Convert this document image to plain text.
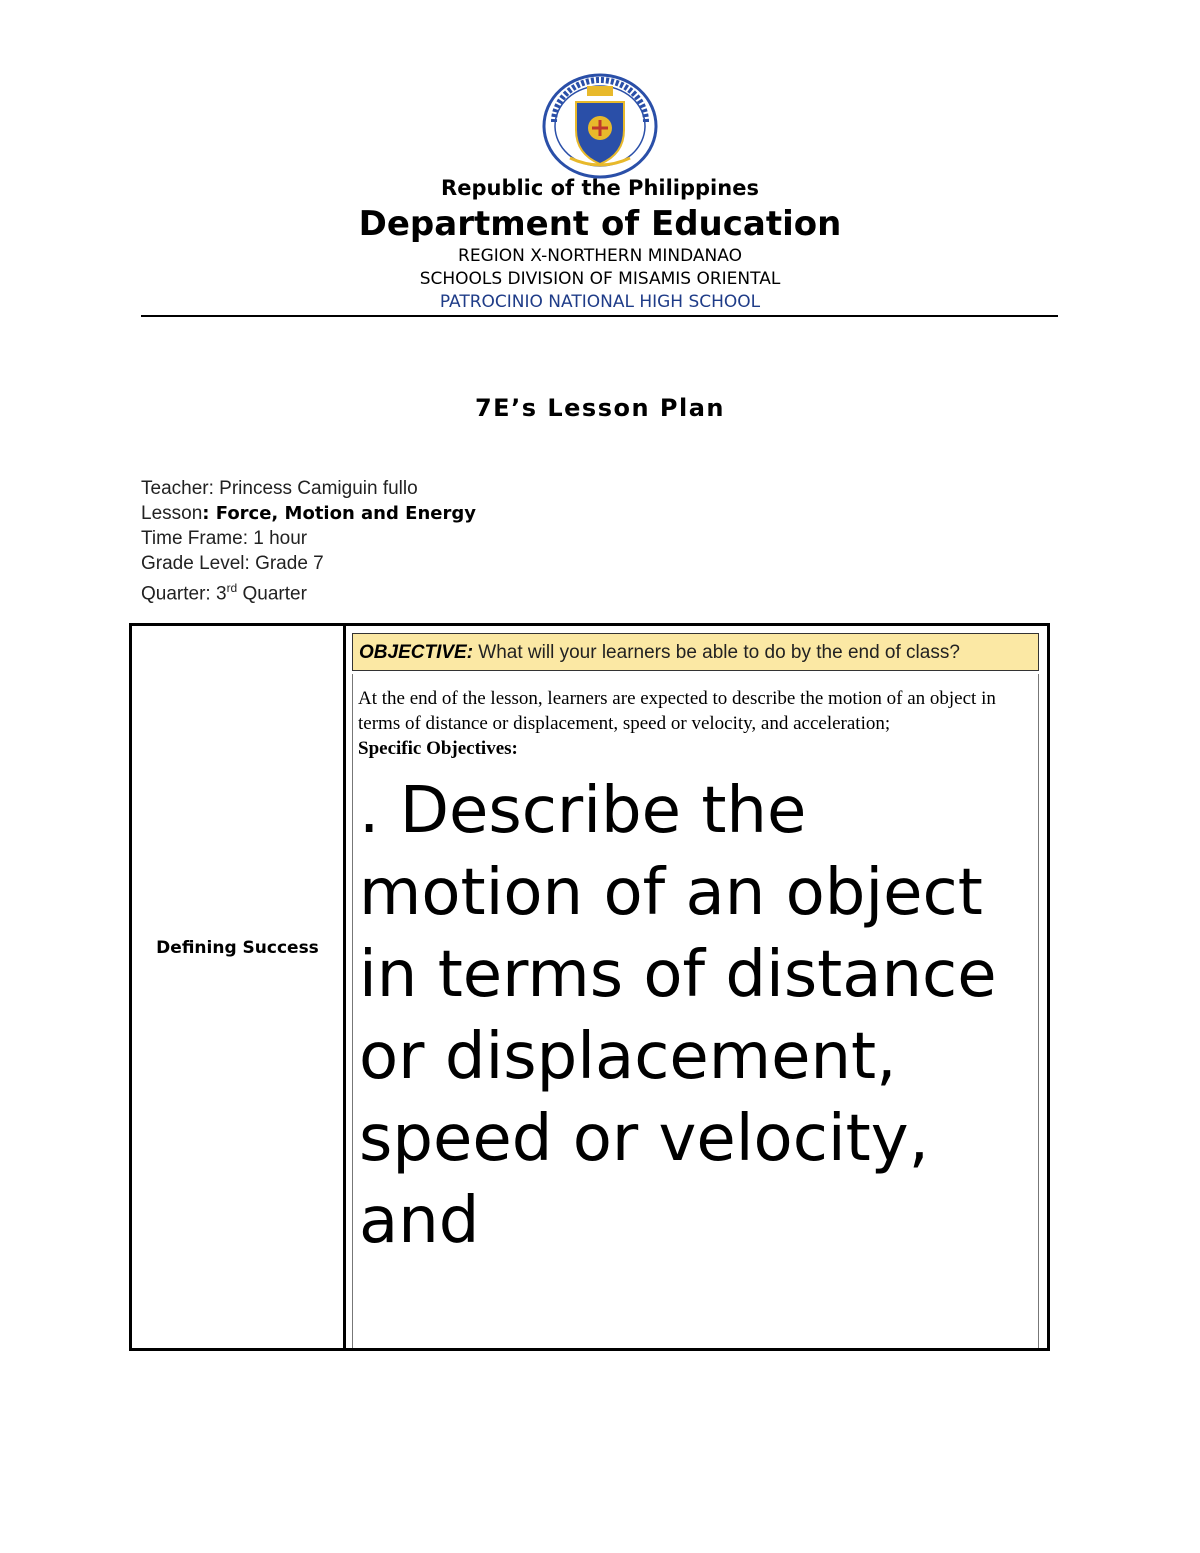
Republic of the Philippines
Department of Education
REGION X-NORTHERN MINDANAO
SCHOOLS DIVISION OF MISAMIS ORIENTAL
PATROCINIO NATIONAL HIGH SCHOOL
7E’s Lesson Plan
Teacher: Princess Camiguin fullo
Lesson: Force, Motion and Energy
Time Frame: 1 hour
Grade Level: Grade 7
Quarter: 3rd Quarter
Defining Success
OBJECTIVE: What will your learners be able to do by the end of class?
At the end of the lesson, learners are expected to describe the motion of an object in terms of distance or displacement, speed or velocity, and acceleration;
Specific Objectives:
. Describe the motion of an object in terms of distance or displacement, speed or velocity, and
